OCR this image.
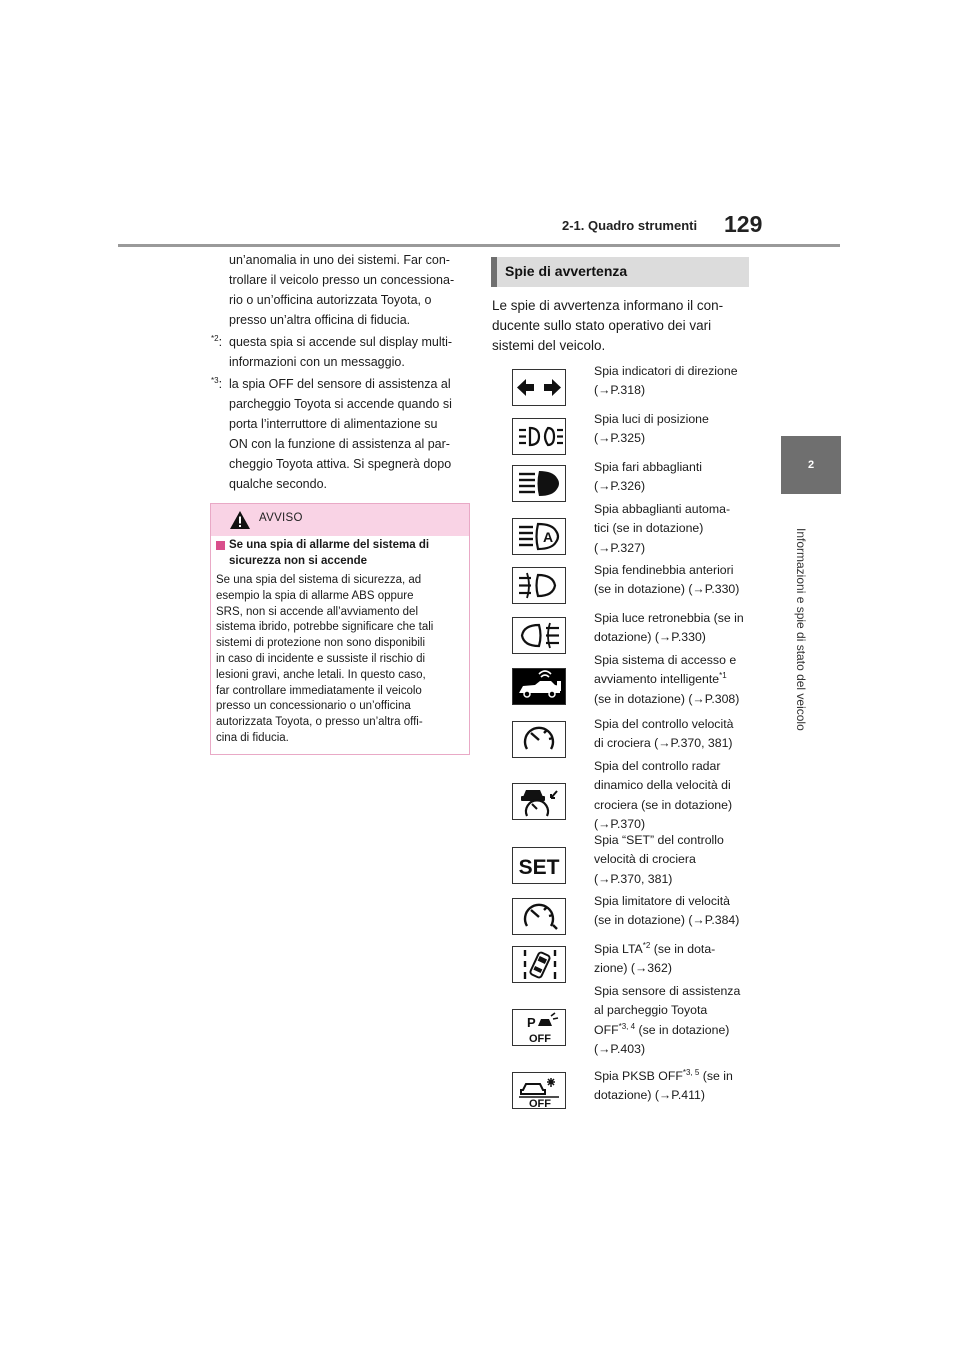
2-1. Quadro strumenti 129
2
Informazioni e spie di stato del veicolo
un’anomalia in uno dei sistemi. Far con-
trollare il veicolo presso un concessiona-
rio o un’officina autorizzata Toyota, o
presso un’altra officina di fiducia.
$^{*2}$: questa spia si accende sul display multi-
informazioni con un messaggio.
$^{*3}$: la spia OFF del sensore di assistenza al
parcheggio Toyota si accende quando si
porta l’interruttore di alimentazione su
ON con la funzione di assistenza al par-
cheggio Toyota attiva. Si spegnerà dopo
qualche secondo.
AVVISO
Se una spia di allarme del sistema di
sicurezza non si accende
Se una spia del sistema di sicurezza, ad
esempio la spia di allarme ABS oppure
SRS, non si accende all’avviamento del
sistema ibrido, potrebbe significare che tali
sistemi di protezione non sono disponibili
in caso di incidente e sussiste il rischio di
lesioni gravi, anche letali. In questo caso,
far controllare immediatamente il veicolo
presso un concessionario o un’officina
autorizzata Toyota, o presso un’altra offi-
cina di fiducia.
Spie di avvertenza
Le spie di avvertenza informano il con-
ducente sullo stato operativo dei vari
sistemi del veicolo.
A
SET
P
OFF
OFF
Spia indicatori di direzione
(→P.318)
Spia luci di posizione
(→P.325)
Spia fari abbaglianti
(→P.326)
Spia abbaglianti automa-
tici (se in dotazione)
(→P.327)
Spia fendinebbia anteriori
(se in dotazione) (→P.330)
Spia luce retronebbia (se in
dotazione) (→P.330)
Spia sistema di accesso e
avviamento intelligente$^{*1}$
(se in dotazione) (→P.308)
Spia del controllo velocità
di crociera (→P.370, 381)
Spia del controllo radar
dinamico della velocità di
crociera (se in dotazione)
(→P.370)
Spia “SET” del controllo
velocità di crociera
(→P.370, 381)
Spia limitatore di velocità
(se in dotazione) (→P.384)
Spia LTA$^{*2}$ (se in dota-
zione) (→362)
Spia sensore di assistenza
al parcheggio Toyota
OFF$^{*3, 4}$ (se in dotazione)
(→P.403)
Spia PKSB OFF$^{*3, 5}$ (se in
dotazione) (→P.411)
